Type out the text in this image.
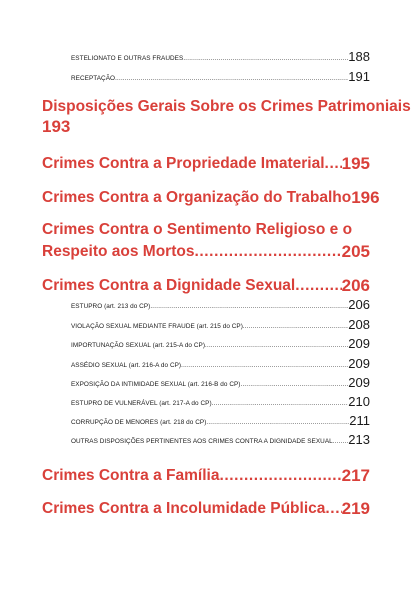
ESTELIONATO E OUTRAS FRAUDES .....	188
RECEPTAÇÃO .....	191
Disposições Gerais Sobre os Crimes Patrimoniais
193
Crimes Contra a Propriedade Imaterial ..... 195
Crimes Contra a Organização do Trabalho 196
Crimes Contra o Sentimento Religioso e o
Respeito aos Mortos .....	205
Crimes Contra a Dignidade Sexual .....	206
ESTUPRO (art. 213 do CP) .....	206
VIOLAÇÃO SEXUAL MEDIANTE FRAUDE (art. 215 do CP) .....	208
IMPORTUNAÇÃO SEXUAL (art. 215-A do CP) .....	209
ASSÉDIO SEXUAL (art. 216-A do CP) .....	209
EXPOSIÇÃO DA INTIMIDADE SEXUAL (art. 216-B do CP) .....	209
ESTUPRO DE VULNERÁVEL (art. 217-A do CP) .....	210
CORRUPÇÃO DE MENORES (art. 218 do CP) .....	211
OUTRAS DISPOSIÇÕES PERTINENTES AOS CRIMES CONTRA A DIGNIDADE SEXUAL ..... 213
Crimes Contra a Família .....	217
Crimes Contra a Incolumidade Pública ..... 219
